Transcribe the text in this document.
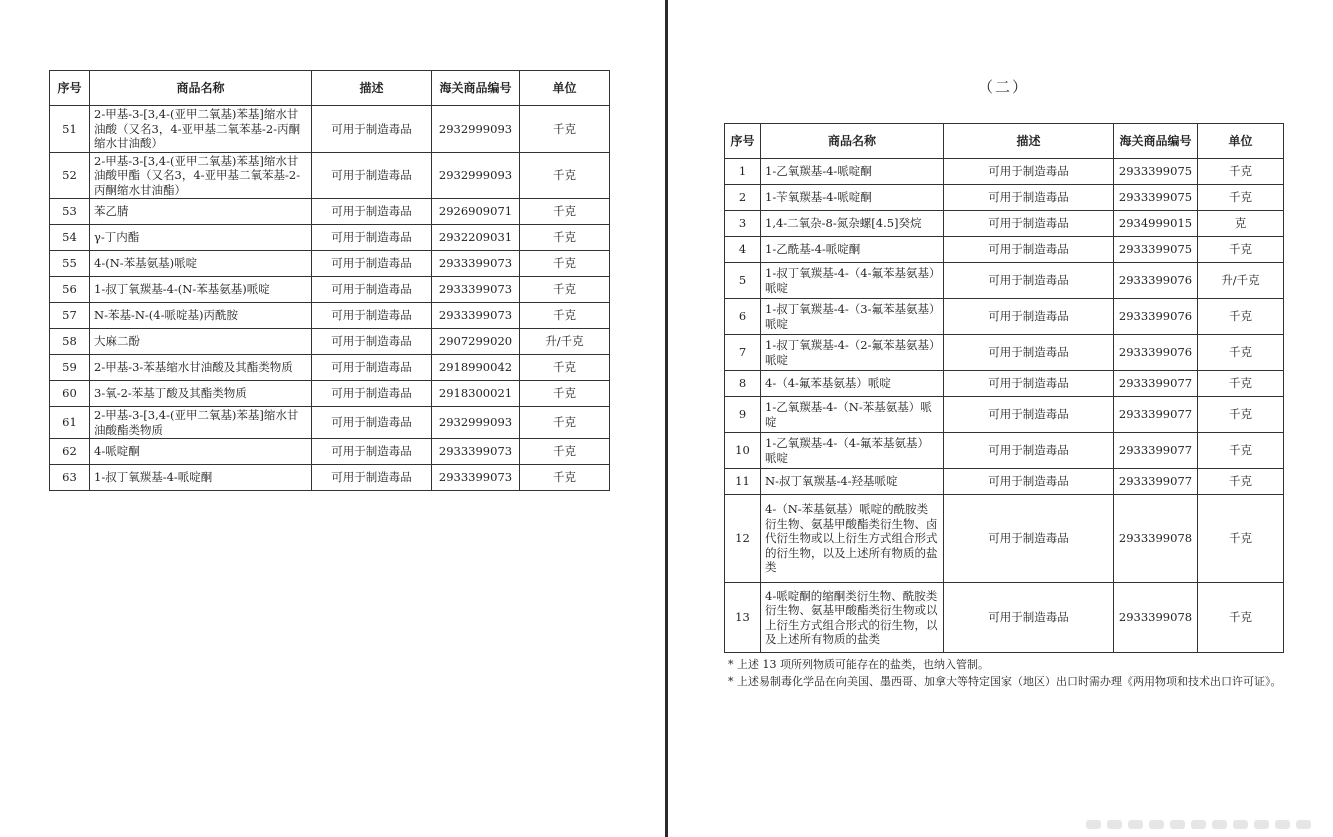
序号	商品名称	描述	海关商品编号	单位
51	2-甲基-3-[3,4-(亚甲二氧基)苯基]缩水甘油酸（又名3，4-亚甲基二氧苯基-2-丙酮缩水甘油酸）	可用于制造毒品	2932999093	千克
52	2-甲基-3-[3,4-(亚甲二氧基)苯基]缩水甘油酸甲酯（又名3，4-亚甲基二氧苯基-2-丙酮缩水甘油酯）	可用于制造毒品	2932999093	千克
53	苯乙腈	可用于制造毒品	2926909071	千克
54	γ-丁内酯	可用于制造毒品	2932209031	千克
55	4-(N-苯基氨基)哌啶	可用于制造毒品	2933399073	千克
56	1-叔丁氧羰基-4-(N-苯基氨基)哌啶	可用于制造毒品	2933399073	千克
57	N-苯基-N-(4-哌啶基)丙酰胺	可用于制造毒品	2933399073	千克
58	大麻二酚	可用于制造毒品	2907299020	升/千克
59	2-甲基-3-苯基缩水甘油酸及其酯类物质	可用于制造毒品	2918990042	千克
60	3-氧-2-苯基丁酸及其酯类物质	可用于制造毒品	2918300021	千克
61	2-甲基-3-[3,4-(亚甲二氧基)苯基]缩水甘油酸酯类物质	可用于制造毒品	2932999093	千克
62	4-哌啶酮	可用于制造毒品	2933399073	千克
63	1-叔丁氧羰基-4-哌啶酮	可用于制造毒品	2933399073	千克
（二）
序号	商品名称	描述	海关商品编号	单位
1	1-乙氧羰基-4-哌啶酮	可用于制造毒品	2933399075	千克
2	1-苄氧羰基-4-哌啶酮	可用于制造毒品	2933399075	千克
3	1,4-二氧杂-8-氮杂螺[4.5]癸烷	可用于制造毒品	2934999015	克
4	1-乙酰基-4-哌啶酮	可用于制造毒品	2933399075	千克
5	1-叔丁氧羰基-4-（4-氟苯基氨基）哌啶	可用于制造毒品	2933399076	升/千克
6	1-叔丁氧羰基-4-（3-氟苯基氨基）哌啶	可用于制造毒品	2933399076	千克
7	1-叔丁氧羰基-4-（2-氟苯基氨基）哌啶	可用于制造毒品	2933399076	千克
8	4-（4-氟苯基氨基）哌啶	可用于制造毒品	2933399077	千克
9	1-乙氧羰基-4-（N-苯基氨基）哌啶	可用于制造毒品	2933399077	千克
10	1-乙氧羰基-4-（4-氟苯基氨基）哌啶	可用于制造毒品	2933399077	千克
11	N-叔丁氧羰基-4-羟基哌啶	可用于制造毒品	2933399077	千克
12	4-（N-苯基氨基）哌啶的酰胺类衍生物、氨基甲酸酯类衍生物、卤代衍生物或以上衍生方式组合形式的衍生物，以及上述所有物质的盐类	可用于制造毒品	2933399078	千克
13	4-哌啶酮的缩酮类衍生物、酰胺类衍生物、氨基甲酸酯类衍生物或以上衍生方式组合形式的衍生物，以及上述所有物质的盐类	可用于制造毒品	2933399078	千克
* 上述 13 项所列物质可能存在的盐类，也纳入管制。
* 上述易制毒化学品在向美国、墨西哥、加拿大等特定国家（地区）出口时需办理《两用物项和技术出口许可证》。
